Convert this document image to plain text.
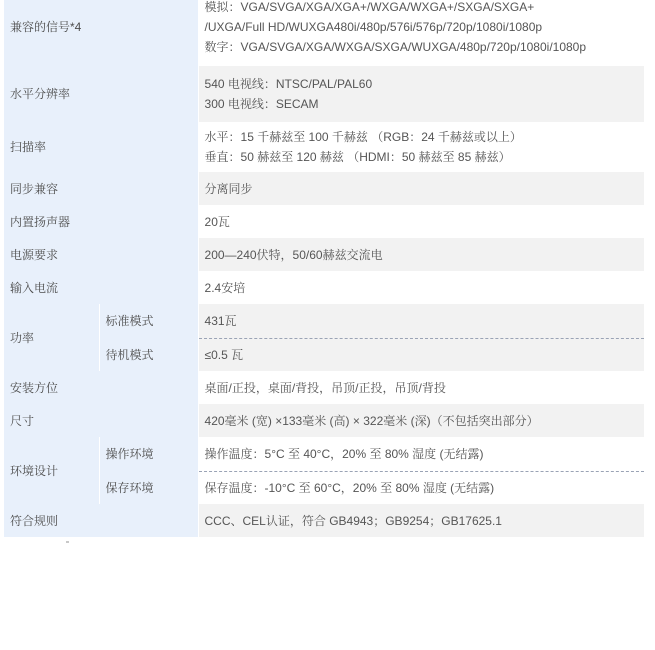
兼容的信号*4		模拟：VGA/SVGA/XGA/XGA+/WXGA/WXGA+/SXGA/SXGA+
/UXGA/Full HD/WUXGA480i/480p/576i/576p/720p/1080i/1080p
数字：VGA/SVGA/XGA/WXGA/SXGA/WUXGA/480p/720p/1080i/1080p

水平分辨率		540 电视线：NTSC/PAL/PAL60
300 电视线：SECAM

扫描率		水平：15 千赫兹至 100 千赫兹 （RGB：24 千赫兹或以上）
垂直：50 赫兹至 120 赫兹 （HDMI：50 赫兹至 85 赫兹）

同步兼容		分离同步
内置扬声器		20瓦
电源要求		200—240伏特，50/60赫兹交流电
输入电流		2.4安培
功率	标准模式	431瓦
	待机模式	≤0.5 瓦
安装方位		桌面/正投，桌面/背投，吊顶/正投，吊顶/背投
尺寸		420毫米 (宽) ×133毫米 (高) × 322毫米 (深)（不包括突出部分）
环境设计	操作环境	操作温度：5°C 至 40°C，20% 至 80% 湿度 (无结露)
	保存环境	保存温度：-10°C 至 60°C，20% 至 80% 湿度 (无结露)
符合规则		CCC、CEL认证，符合 GB4943；GB9254；GB17625.1
